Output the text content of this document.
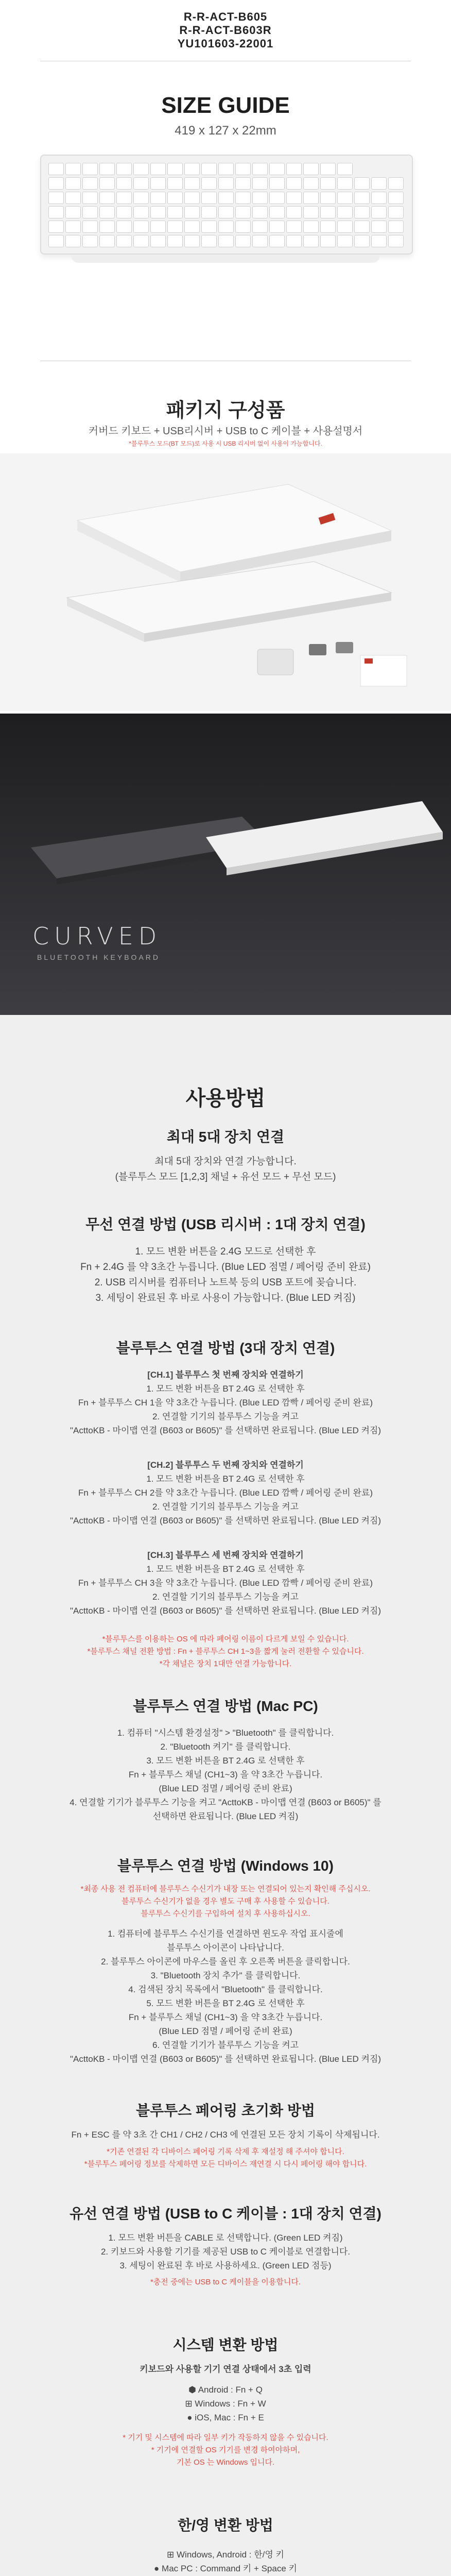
R-R-ACT-B605
R-R-ACT-B603R
YU101603-22001
SIZE GUIDE
419 x 127 x 22mm
패키지 구성품
커버드 키보드 + USB리시버 + USB to C 케이블 + 사용설명서
*블루투스 모드(BT 모드)로 사용 시 USB 리시버 없이 사용이 가능합니다.
CURVED
BLUETOOTH KEYBOARD
사용방법
최대 5대 장치 연결
최대 5대 장치와 연결 가능합니다.
(블루투스 모드 [1,2,3] 채널 + 유선 모드 + 무선 모드)
무선 연결 방법 (USB 리시버 : 1대 장치 연결)
1. 모드 변환 버튼을 2.4G 모드로 선택한 후
Fn + 2.4G 를 약 3초간 누릅니다. (Blue LED 점멸 / 페어링 준비 완료)
2. USB 리시버를 컴퓨터나 노트북 등의 USB 포트에 꽂습니다.
3. 세팅이 완료된 후 바로 사용이 가능합니다. (Blue LED 켜짐)
블루투스 연결 방법 (3대 장치 연결)
[CH.1] 블루투스 첫 번째 장치와 연결하기
1. 모드 변환 버튼을 BT 2.4G 로 선택한 후
Fn + 블루투스 CH 1을 약 3초간 누릅니다. (Blue LED 깜빡 / 페어링 준비 완료)
2. 연결할 기기의 블루투스 기능을 켜고
"ActtoKB - 마이맵 연결 (B603 or B605)" 를 선택하면 완료됩니다. (Blue LED 켜짐)
[CH.2] 블루투스 두 번째 장치와 연결하기
1. 모드 변환 버튼을 BT 2.4G 로 선택한 후
Fn + 블루투스 CH 2를 약 3초간 누릅니다. (Blue LED 깜빡 / 페어링 준비 완료)
2. 연결할 기기의 블루투스 기능을 켜고
"ActtoKB - 마이맵 연결 (B603 or B605)" 를 선택하면 완료됩니다. (Blue LED 켜짐)
[CH.3] 블루투스 세 번째 장치와 연결하기
1. 모드 변환 버튼을 BT 2.4G 로 선택한 후
Fn + 블루투스 CH 3을 약 3초간 누릅니다. (Blue LED 깜빡 / 페어링 준비 완료)
2. 연결할 기기의 블루투스 기능을 켜고
"ActtoKB - 마이맵 연결 (B603 or B605)" 를 선택하면 완료됩니다. (Blue LED 켜짐)
*블루투스를 이용하는 OS 에 따라 페어링 이름이 다르게 보일 수 있습니다.
*블루투스 채널 전환 방법 : Fn + 블루투스 CH 1~3을 짧게 눌러 전환할 수 있습니다.
*각 채널은 장치 1대만 연결 가능합니다.
블루투스 연결 방법 (Mac PC)
1. 컴퓨터 "시스템 환경설정" > "Bluetooth" 를 클릭합니다.
2. "Bluetooth 켜기" 를 클릭합니다.
3. 모드 변환 버튼을 BT 2.4G 로 선택한 후
Fn + 블루투스 채널 (CH1~3) 을 약 3초간 누릅니다.
(Blue LED 점멸 / 페어링 준비 완료)
4. 연결할 기기가 블루투스 기능을 켜고 "ActtoKB - 마이맵 연결 (B603 or B605)" 를
선택하면 완료됩니다. (Blue LED 켜짐)
블루투스 연결 방법 (Windows 10)
*최종 사용 전 컴퓨터에 블루투스 수신기가 내장 또는 연결되어 있는지 확인해 주십시오.
블루투스 수신기가 없을 경우 별도 구매 후 사용할 수 있습니다.
블루투스 수신기를 구입하여 설치 후 사용하십시오.
1. 컴퓨터에 블루투스 수신기를 연결하면 윈도우 작업 표시줄에
블루투스 아이콘이 나타납니다.
2. 블루투스 아이콘에 마우스를 올린 후 오른쪽 버튼을 클릭합니다.
3. "Bluetooth 장치 추가" 를 클릭합니다.
4. 검색된 장치 목록에서 "Bluetooth" 를 클릭합니다.
5. 모드 변환 버튼을 BT 2.4G 로 선택한 후
Fn + 블루투스 채널 (CH1~3) 을 약 3초간 누릅니다.
(Blue LED 점멸 / 페어링 준비 완료)
6. 연결할 기기가 블루투스 기능을 켜고
"ActtoKB - 마이맵 연결 (B603 or B605)" 를 선택하면 완료됩니다. (Blue LED 켜짐)
블루투스 페어링 초기화 방법
Fn + ESC 를 약 3초 간 CH1 / CH2 / CH3 에 연결된 모든 장치 기록이 삭제됩니다.
*기존 연결된 각 디바이스 페어링 기록 삭제 후 재설정 해 주셔야 합니다.
*블루투스 페어링 정보를 삭제하면 모든 디바이스 재연결 시 다시 페어링 해야 합니다.
유선 연결 방법 (USB to C 케이블 : 1대 장치 연결)
1. 모드 변환 버튼을 CABLE 로 선택합니다. (Green LED 켜짐)
2. 키보드와 사용할 기기를 제공된 USB to C 케이블로 연결합니다.
3. 세팅이 완료된 후 바로 사용하세요. (Green LED 점등)
*충전 중에는 USB to C 케이블을 이용합니다.
시스템 변환 방법
키보드와 사용할 기기 연결 상태에서 3초 입력
⬢ Android : Fn + Q
⊞ Windows : Fn + W
● iOS, Mac : Fn + E
* 기기 및 시스템에 따라 일부 키가 작동하지 않을 수 있습니다.
* 기기에 연결할 OS 기기를 변경 하여야하며,
기본 OS 는 Windows 입니다.
한/영 변환 방법
⊞ Windows, Android : 한/영 키
● Mac PC : Command 키 + Space 키
